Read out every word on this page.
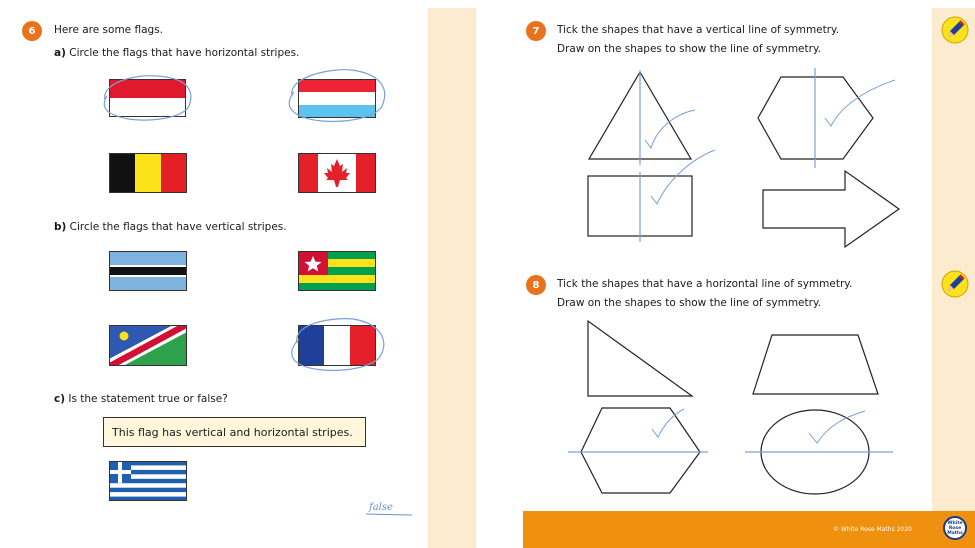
6	Here are some flags.
a) Circle the flags that have horizontal stripes.
b) Circle the flags that have vertical stripes.
c) Is the statement true or false?
This flag has vertical and horizontal stripes.
false
7	Tick the shapes that have a vertical line of symmetry.
Draw on the shapes to show the line of symmetry.
8	Tick the shapes that have a horizontal line of symmetry.
Draw on the shapes to show the line of symmetry.
© White Rose Maths 2020
White Rose Maths
